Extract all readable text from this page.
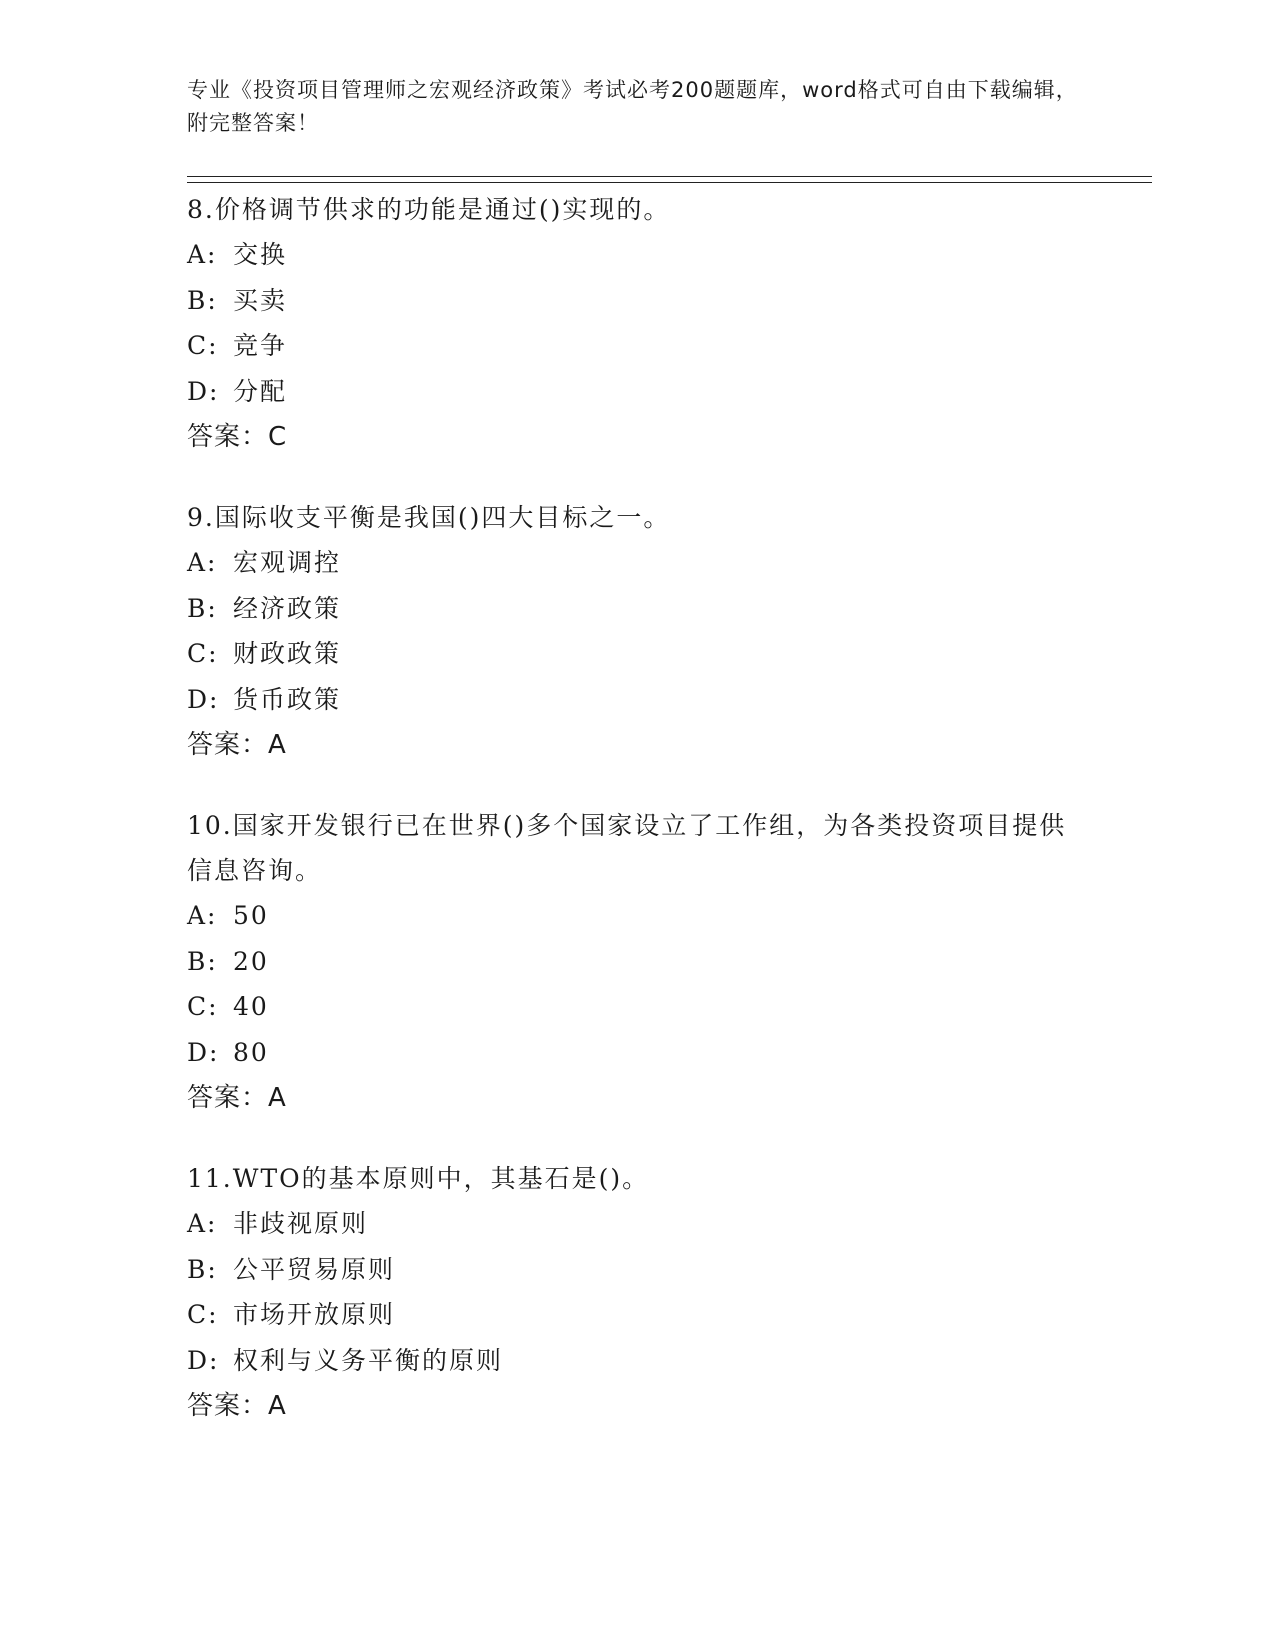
专业《投资项目管理师之宏观经济政策》考试必考200题题库，word格式可自由下载编辑，附完整答案！
8.价格调节供求的功能是通过()实现的。
A: 交换
B: 买卖
C: 竞争
D: 分配
答案：C
9.国际收支平衡是我国()四大目标之一。
A: 宏观调控
B: 经济政策
C: 财政政策
D: 货币政策
答案：A
10.国家开发银行已在世界()多个国家设立了工作组，为各类投资项目提供信息咨询。
A: 50
B: 20
C: 40
D: 80
答案：A
11.WTO的基本原则中，其基石是()。
A: 非歧视原则
B: 公平贸易原则
C: 市场开放原则
D: 权利与义务平衡的原则
答案：A
